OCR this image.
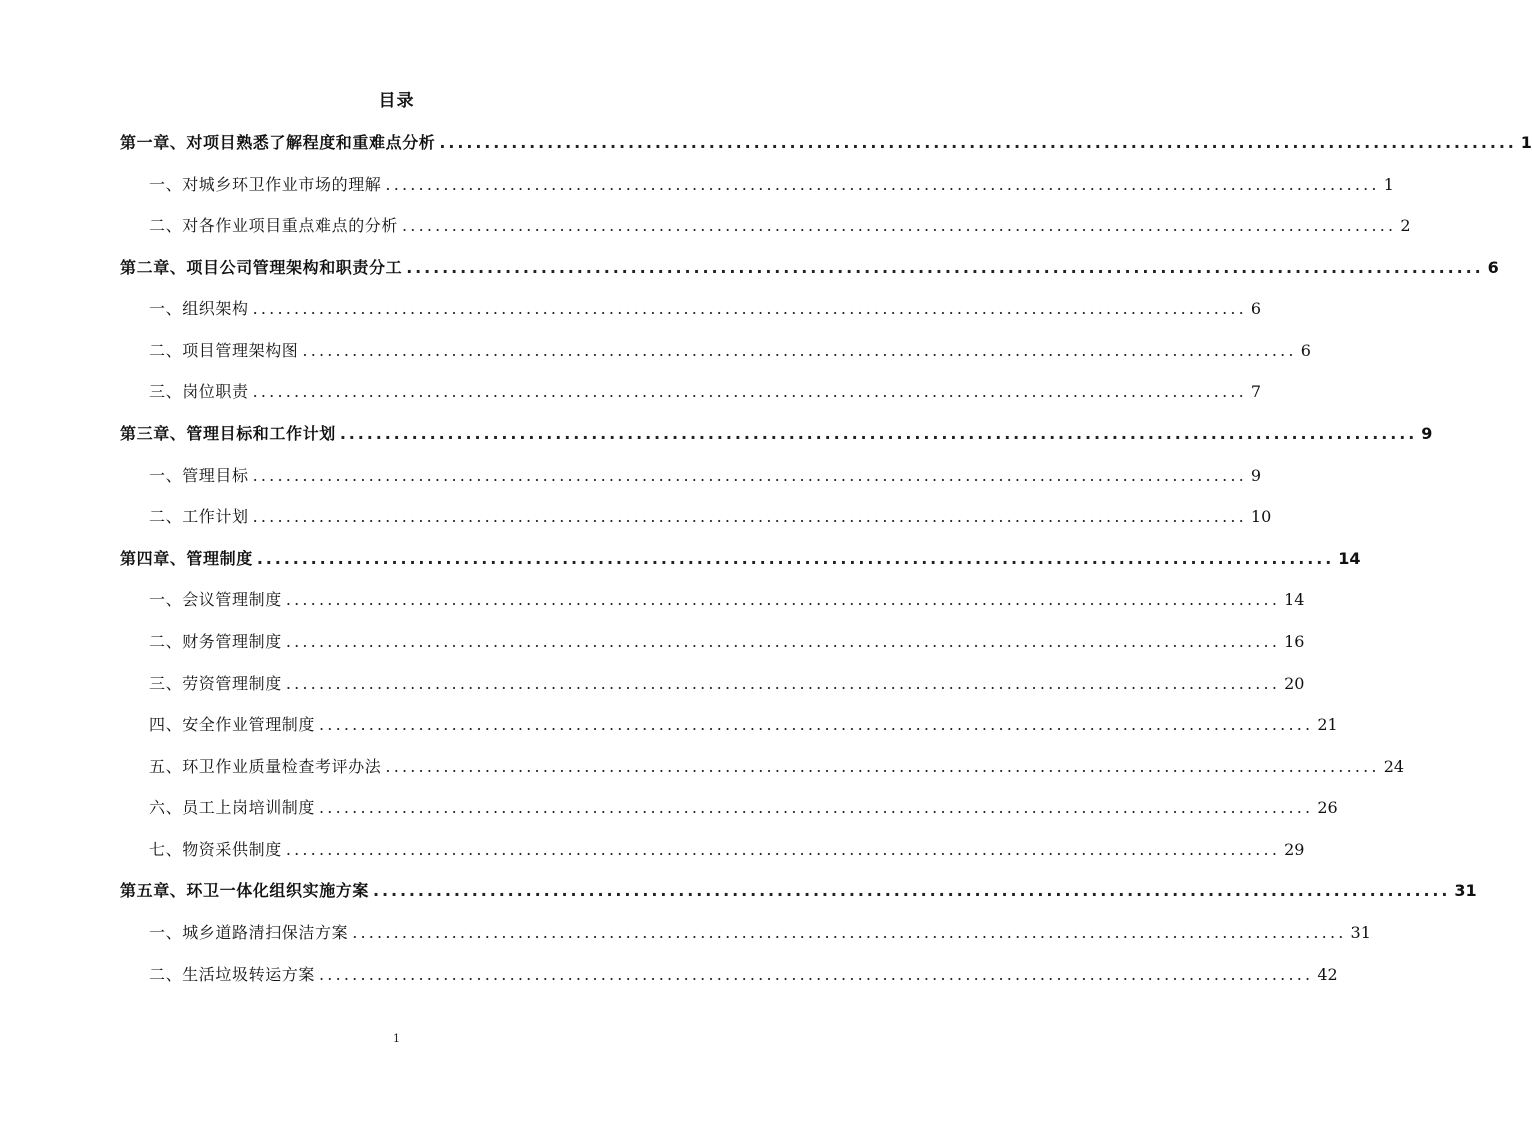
目录
第一章、对项目熟悉了解程度和重难点分析 ........................................................................................................................ 1
一、对城乡环卫作业市场的理解 ........................................................................................................................ 1
二、对各作业项目重点难点的分析 ........................................................................................................................ 2
第二章、项目公司管理架构和职责分工 ........................................................................................................................ 6
一、组织架构 ........................................................................................................................ 6
二、项目管理架构图 ........................................................................................................................ 6
三、岗位职责 ........................................................................................................................ 7
第三章、管理目标和工作计划 ........................................................................................................................ 9
一、管理目标 ........................................................................................................................ 9
二、工作计划 ........................................................................................................................ 10
第四章、管理制度 ........................................................................................................................ 14
一、会议管理制度 ........................................................................................................................ 14
二、财务管理制度 ........................................................................................................................ 16
三、劳资管理制度 ........................................................................................................................ 20
四、安全作业管理制度 ........................................................................................................................ 21
五、环卫作业质量检查考评办法 ........................................................................................................................ 24
六、员工上岗培训制度 ........................................................................................................................ 26
七、物资采供制度 ........................................................................................................................ 29
第五章、环卫一体化组织实施方案 ........................................................................................................................ 31
一、城乡道路清扫保洁方案 ........................................................................................................................ 31
二、生活垃圾转运方案 ........................................................................................................................ 42
1
